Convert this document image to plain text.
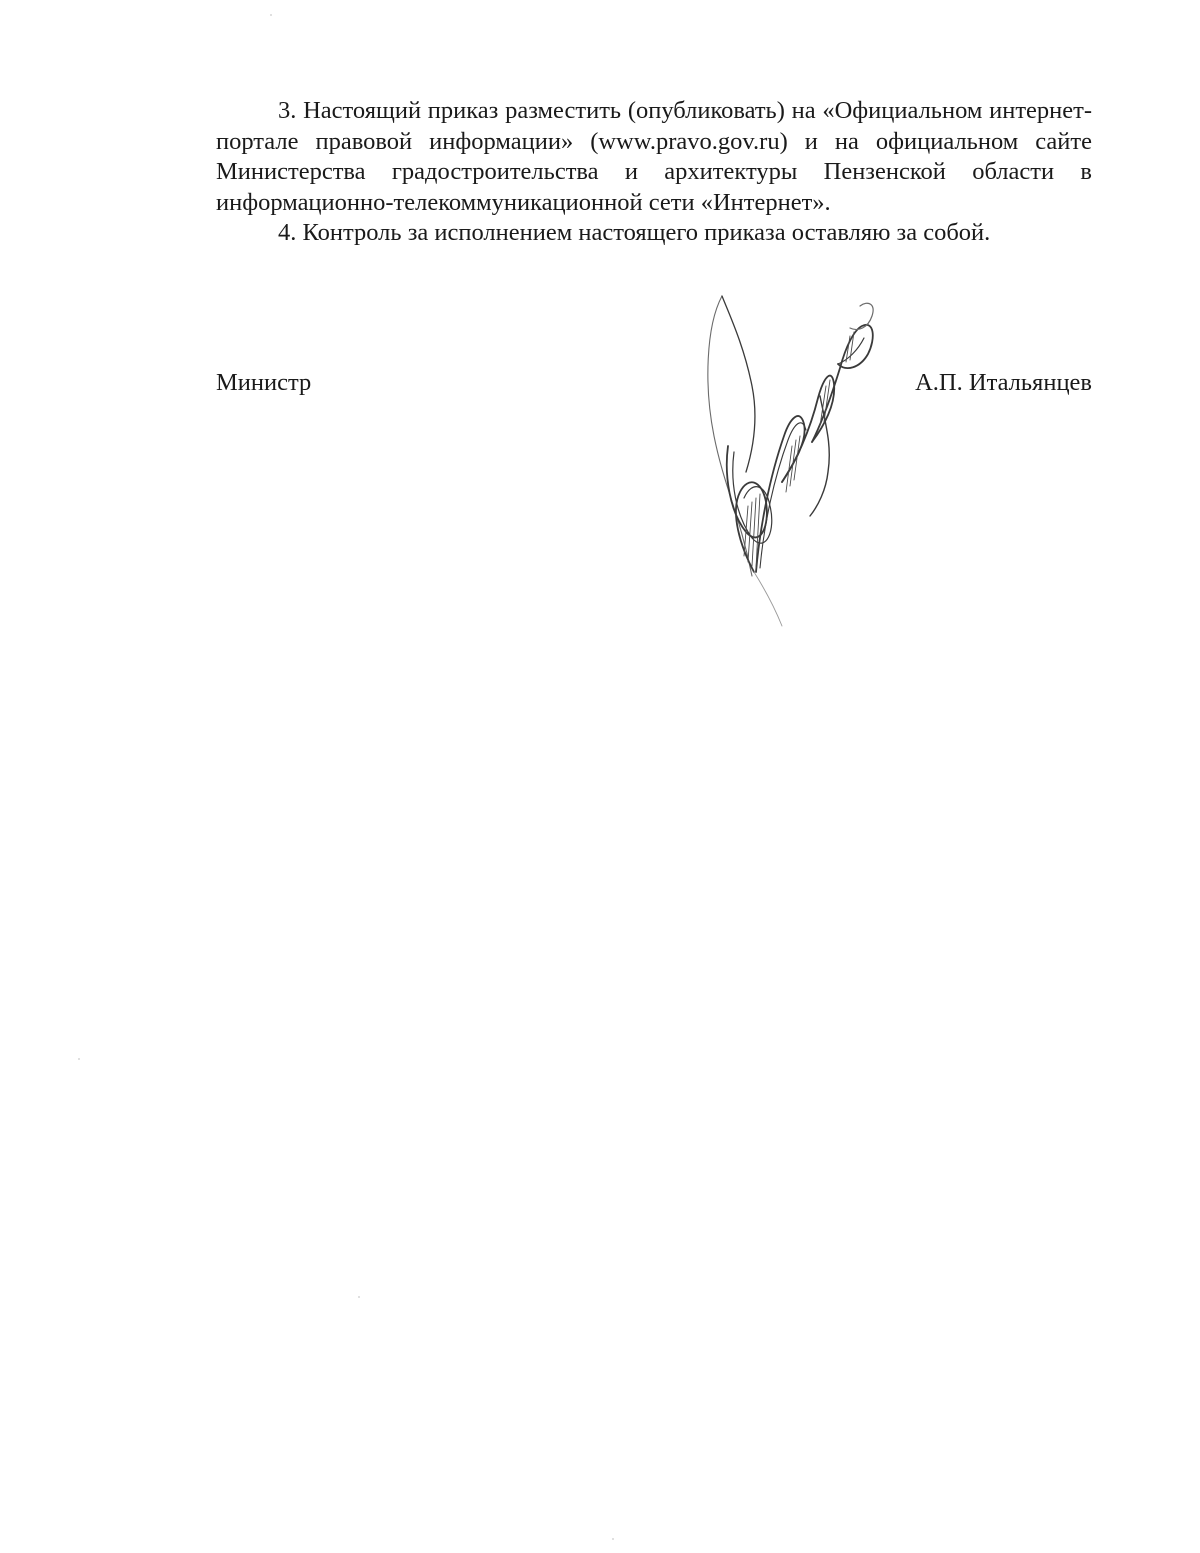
3. Настоящий приказ разместить (опубликовать) на «Официальном интернет-портале правовой информации» (www.pravo.gov.ru) и на официальном сайте Министерства градостроительства и архитектуры Пензенской области в информационно-телекоммуникационной сети «Интернет».

4. Контроль за исполнением настоящего приказа оставляю за собой.

Министр	А.П. Итальянцев
